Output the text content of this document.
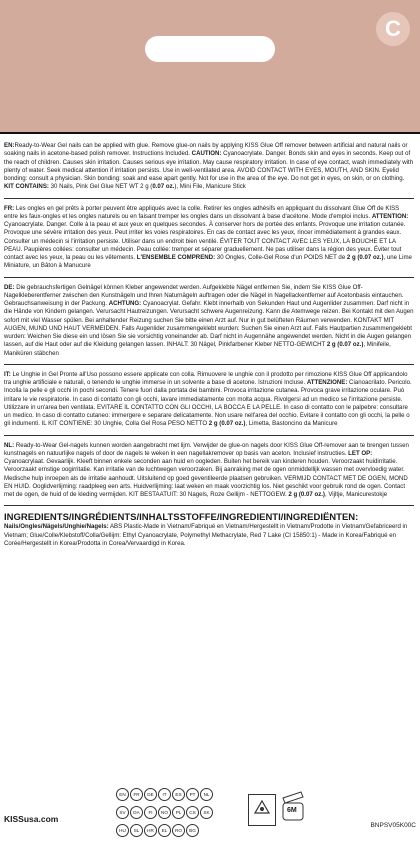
C

EN:Ready-to-Wear Gel nails can be applied with glue. Remove glue-on nails by applying KISS Glue Off remover between artificial and natural nails or soaking nails in acetone-based polish remover. Instructions Included. CAUTION: Cyanoacrylate. Danger. Bonds skin and eyes in seconds. Keep out of the reach of children. Causes skin irritation. Causes serious eye irritation. May cause respiratory irritation. In case of eye contact, wash immediately with plenty of water. Seek medical attention if irritation persists. Use in well-ventilated area. AVOID CONTACT WITH EYES, MOUTH, AND SKIN. Eyelid bonding: consult a physician. Skin bonding: soak and ease apart gently. Not for use in the area of the eye. Do not get in eyes, on skin, or on clothing. KIT CONTAINS: 30 Nails, Pink Gel Glue NET WT 2 g (0.07 oz.), Mini File, Manicure Stick

FR: Les ongles en gel prêts à porter peuvent être appliqués avec la colle. Retirer les ongles adhésifs en appliquant du dissolvant Glue Off de KISS entre les faux-ongles et les ongles naturels ou en faisant tremper les ongles dans un dissolvant à base d'acétone. Mode d'emploi inclus. ATTENTION: Cyanoacrylate. Danger. Colle à la peau et aux yeux en quelques secondes. À conserver hors de portée des enfants. Provoque une irritation cutanée. Provoque une sévère irritation des yeux. Peut irriter les voies respiratoires. En cas de contact avec les yeux, rincer immédiatement à grandes eaux. Consulter un médecin si l'irritation persiste. Utiliser dans un endroit bien ventilé. ÉVITER TOUT CONTACT AVEC LES YEUX, LA BOUCHE ET LA PEAU. Paupières collées: consulter un médecin. Peau collée: tremper et séparer graduellement. Ne pas utiliser dans la région des yeux. Éviter tout contact avec les yeux, la peau ou les vêtements. L'ENSEMBLE COMPREND: 30 Ongles, Colle-Gel Rose d'un POIDS NET de 2 g (0.07 oz.), une Lime Miniature, un Bâton à Manucure

DE: Die gebrauchsfertigen Gelnägel können Kleber angewendet werden. Aufgeklebte Nägel entfernen Sie, indem Sie KISS Glue Off-Nagelkleberentferner zwischen den Kunstnägeln und Ihren Naturnägeln auftragen oder die Nägel in Nagellackentferner auf Acetonbasis eintauchen. Gebrauchsanweisung in der Packung. ACHTUNG: Cyanoacrylat. Gefahr. Klebt innerhalb von Sekunden Haut und Augenlider zusammen. Darf nicht in die Hände von Kindern gelangen. Verursacht Hautreizungen. Verursacht schwere Augenreizung. Kann die Atemwege reizen. Bei Kontakt mit den Augen sofort mit viel Wasser spülen. Bei anhaltender Reizung suchen Sie bitte einen Arzt auf. Nur in gut belüfteten Räumen verwenden. KONTAKT MIT AUGEN, MUND UND HAUT VERMEIDEN. Falls Augenlider zusammengeklebt wurden: Suchen Sie einen Arzt auf. Falls Hautpartien zusammengeklebt wurden: Weichen Sie diese ein und lösen Sie sie vorsichtig voneinander ab. Darf nicht in Augennähe angewendet werden. Nicht in die Augen gelangen lassen, auf die Haut oder auf die Kleidung gelangen lassen. INHALT: 30 Nägel, Pinkfarbener Kleber NETTO-GEWICHT 2 g (0.07 oz.), Minifeile, Maniküren stäbchen

IT: Le Unghie in Gel Pronte all'Uso possono essere applicate con colla. Rimuovere le unghie con il prodotto per rimozione KISS Glue Off applicandolo tra unghie artificiale e naturali, o tenendo le unghie immerse in un solvente a base di acetone. Istruzioni Incluse. ATTENZIONE: Cianoacrilato. Pericolo. Incolla la pelle e gli occhi in pochi secondi. Tenere fuori dalla portata dei bambini. Provoca irritazione cutanea. Provoca grave irritazione oculare. Può irritare le vie respiratorie. In caso di contatto con gli occhi, lavare immediatamente con molta acqua. Rivolgersi ad un medico se l'irritazione persiste. Utilizzare in un'area ben ventilata. EVITARE IL CONTATTO CON GLI OCCHI, LA BOCCA E LA PELLE. In caso di contatto con le palpebre: consultare un medico. In caso di contatto cutaneo: immergere e separare delicatamente. Non usare nell'area del occhio. Evitare il contatto con gli occhi, la pelle o gli indumenti. IL KIT CONTIENE: 30 Unghie, Colla Gel Rosa PESO NETTO 2 g (0.07 oz.), Limetta, Bastoncino da Manicure

NL: Ready-to-Wear Gel-nagels kunnen worden aangebracht met lijm. Verwijder de glue-on nagels door KISS Glue Off-remover aan te brengen tussen kunstnagels en natuurlijke nagels of door de nagels te weken in een nagellakremover op basis van aceton. Inclusief instructies. LET OP: Cyanoacrylaat. Gevaarlijk. Kleeft binnen enkele seconden aan huid en oogleden. Buiten het bereik van kinderen houden. Veroorzaakt huidirritatie. Veroorzaakt ernstige oogirritatie. Kan irritatie van de luchtwegen veroorzaken. Bij aanraking met de ogen onmiddellijk wassen met overvloedig water. Medische hulp inroepen als de irritatie aanhoudt. Uitsluitend op goed geventileerde plaatsen gebruiken. VERMIJD CONTACT MET DE OGEN, MOND EN HUID. Ooglidverlijming: raadpleeg een arts. Huidverlijming: laat weken en maak voorzichtig los. Niet geschikt voor gebruik rond de ogen. Contact met de ogen, de huid of de kleding vermijden. KIT BESTAATUIT: 30 Nagels, Roze Gellijm - NETTOGEW. 2 g (0.07 oz.), Vijltje, Manicurestokje

INGREDIENTS/INGRÉDIENTS/INHALTSSTOFFE/INGREDIENTI/INGREDIËNTEN:
Nails/Ongles/Nägels/Unghie/Nagels: ABS Plastic-Made in Vietnam/Fabriqué en Vietnam/Hergestellt in Vietnam/Prodotte in Vietnam/Gefabriceerd in Vietnam; Glue/Colle/Klebstoff/Colla/Gellijm: Ethyl Cyanoacrylate, Polymethyl Methacrylate, Red 7 Lake (CI 15850:1) - Made in Korea/Fabriqué en Corée/Hergestellt in Korea/Prodotta in Corea/Vervaardigd in Korea.
KISSusa.com
EN FR DE IT ES PT NLSV DA FI NO PL CS SKHU SL HR EL RO BG
6M
BNPSV05K00C
